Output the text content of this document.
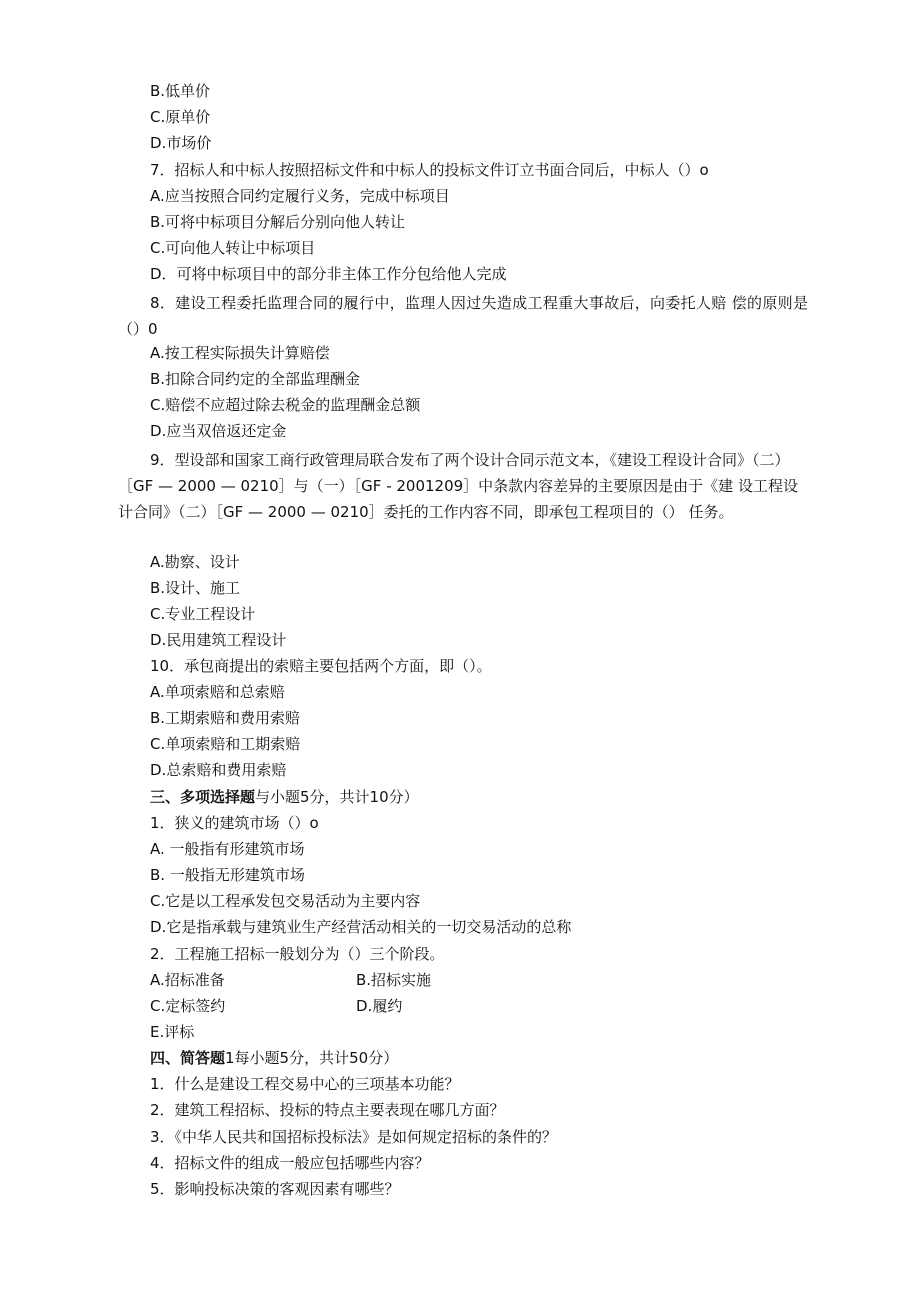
B.低单价
C.原单价
D.市场价
7．招标人和中标人按照招标文件和中标人的投标文件订立书面合同后，中标人（）o
A.应当按照合同约定履行义务，完成中标项目
B.可将中标项目分解后分别向他人转让
C.可向他人转让中标项目
D．可将中标项目中的部分非主体工作分包给他人完成
8．建设工程委托监理合同的履行中，监理人因过失造成工程重大事故后，向委托人赔 偿的原则是（）0
A.按工程实际损失计算赔偿
B.扣除合同约定的全部监理酬金
C.赔偿不应超过除去税金的监理酬金总额
D.应当双倍返还定金
9．型设部和国家工商行政管理局联合发布了两个设计合同示范文本，《建设工程设计合同》（二）［GF — 2000 — 0210］与（一）［GF - 2001209］中条款内容差异的主要原因是由于《建 设工程设计合同》（二）［GF — 2000 — 0210］委托的工作内容不同，即承包工程项目的（） 任务。
A.勘察、设计
B.设计、施工
C.专业工程设计
D.民用建筑工程设计
10．承包商提出的索赔主要包括两个方面，即（）。
A.单项索赔和总索赔
B.工期索赔和费用索赔
C.单项索赔和工期索赔
D.总索赔和费用索赔
三、多项选择题与小题5分，共计10分）
1．狭义的建筑市场（）o
A. 一般指有形建筑市场
B. 一般指无形建筑市场
C.它是以工程承发包交易活动为主要内容
D.它是指承载与建筑业生产经营活动相关的一切交易活动的总称
2．工程施工招标一般划分为（）三个阶段。
A.招标准备	B.招标实施
C.定标签约	D.履约
E.评标
四、简答题1每小题5分，共计50分）
1．什么是建设工程交易中心的三项基本功能？
2．建筑工程招标、投标的特点主要表现在哪几方面？
3．《中华人民共和国招标投标法》是如何规定招标的条件的？
4．招标文件的组成一般应包括哪些内容？
5．影响投标决策的客观因素有哪些？
